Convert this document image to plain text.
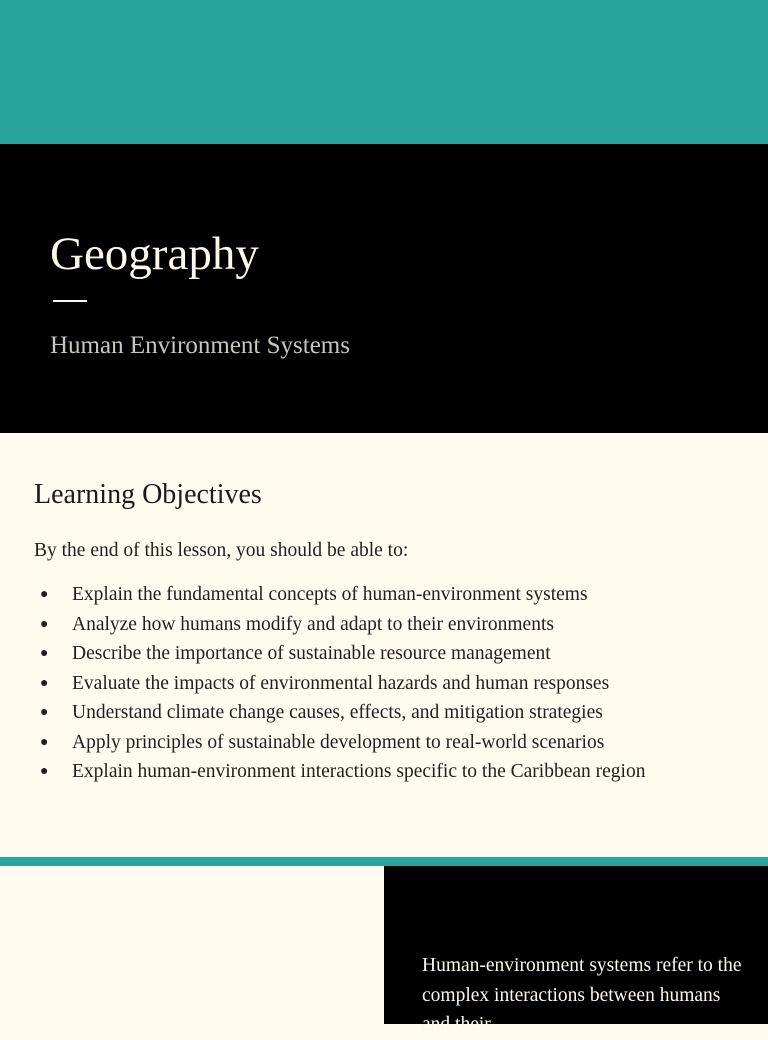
Geography

Human Environment Systems

Learning Objectives

By the end of this lesson, you should be able to:

● Explain the fundamental concepts of human-environment systems
● Analyze how humans modify and adapt to their environments
● Describe the importance of sustainable resource management
● Evaluate the impacts of environmental hazards and human responses
● Understand climate change causes, effects, and mitigation strategies
● Apply principles of sustainable development to real-world scenarios
● Explain human-environment interactions specific to the Caribbean region

Human-environment systems refer to the complex interactions between humans and their
